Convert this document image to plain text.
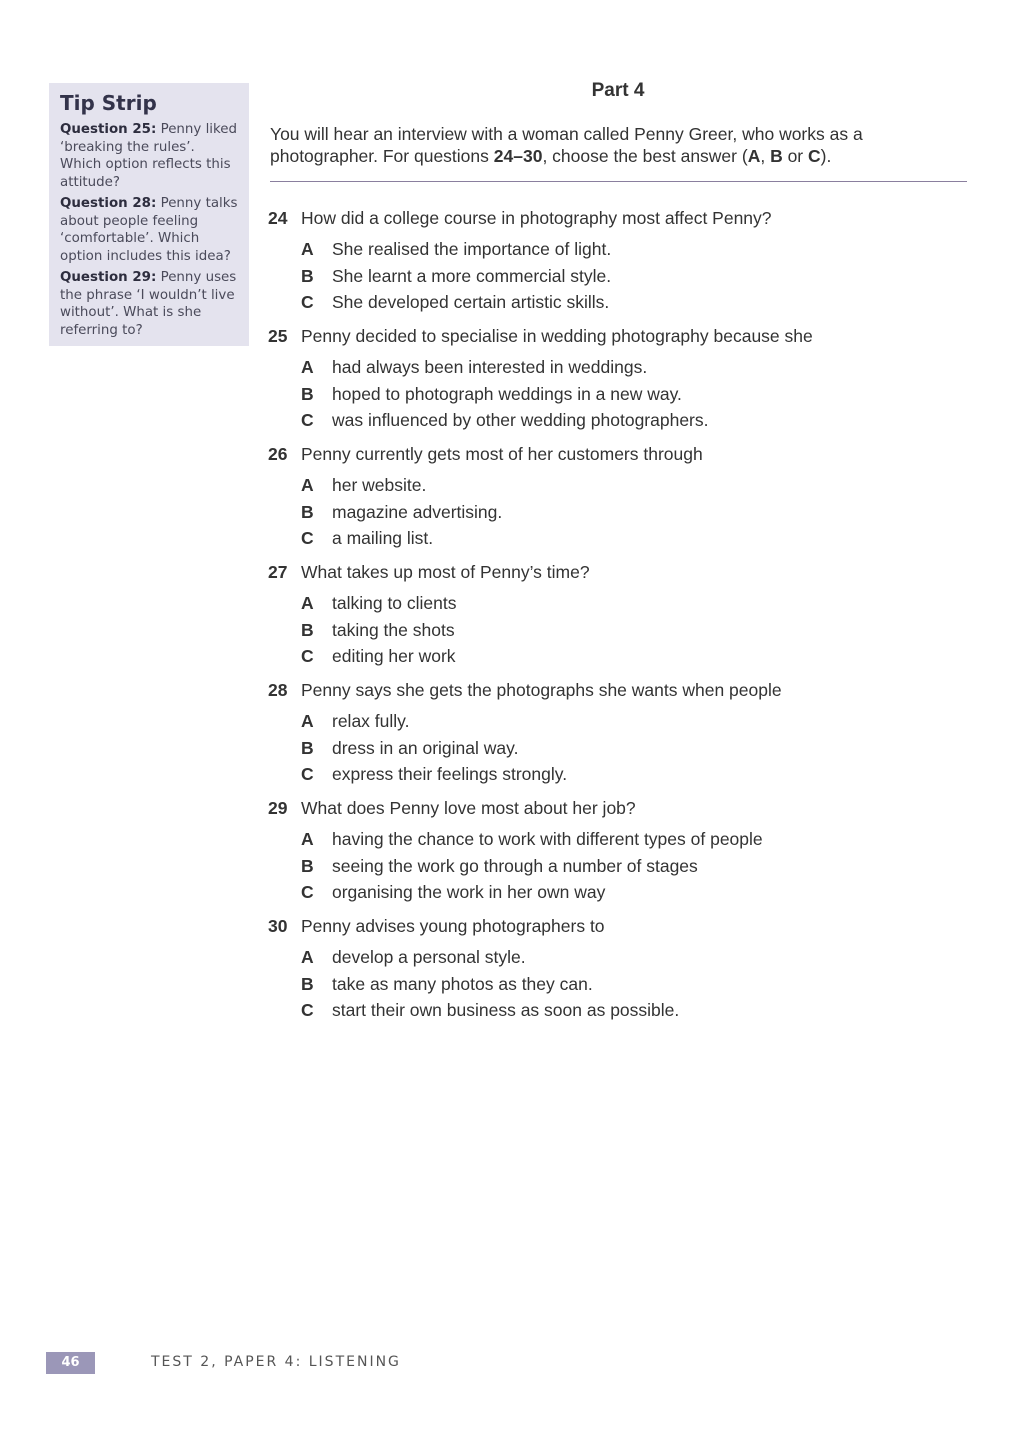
Tip Strip
Question 25: Penny liked ‘breaking the rules’. Which option reflects this attitude?
Question 28: Penny talks about people feeling ‘comfortable’. Which option includes this idea?
Question 29: Penny uses the phrase ‘I wouldn’t live without’. What is she referring to?
Part 4
You will hear an interview with a woman called Penny Greer, who works as a
photographer. For questions 24–30, choose the best answer (A, B or C).
24 How did a college course in photography most affect Penny?
A She realised the importance of light.
B She learnt a more commercial style.
C She developed certain artistic skills.
25 Penny decided to specialise in wedding photography because she
A had always been interested in weddings.
B hoped to photograph weddings in a new way.
C was influenced by other wedding photographers.
26 Penny currently gets most of her customers through
A her website.
B magazine advertising.
C a mailing list.
27 What takes up most of Penny’s time?
A talking to clients
B taking the shots
C editing her work
28 Penny says she gets the photographs she wants when people
A relax fully.
B dress in an original way.
C express their feelings strongly.
29 What does Penny love most about her job?
A having the chance to work with different types of people
B seeing the work go through a number of stages
C organising the work in her own way
30 Penny advises young photographers to
A develop a personal style.
B take as many photos as they can.
C start their own business as soon as possible.
46	TEST 2, PAPER 4: LISTENING
